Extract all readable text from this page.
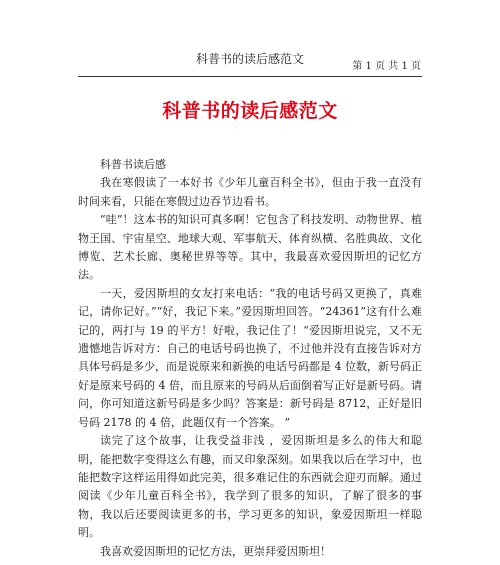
科普书的读后感范文
第 1 页 共 1 页
科普书的读后感范文

科普书读后感

我在寒假读了一本好书《少年儿童百科全书》，但由于我一直没有时间来看，只能在寒假过边吞节边看书。

“哇”！这本书的知识可真多啊！它包含了科技发明、动物世界、植物王国、宇宙星空、地球大观、军事航天、体育纵横、名胜典故、文化博览、艺术长廊、奥秘世界等等。其中，我最喜欢爱因斯坦的记忆方法。

一天，爱因斯坦的女友打来电话：“我的电话号码又更换了，真难记，请你记好。”“好，我记下来。”爱因斯坦回答。“24361”这有什么难记的，两打与 19 的平方！好啦，我记住了！“爱因斯坦说完，又不无遗憾地告诉对方：自己的电话号码也换了，不过他并没有直接告诉对方具体号码是多少，而是说原来和新换的电话号码都是 4 位数，新号码正好是原来号码的 4 倍，而且原来的号码从后面倒着写正好是新号码。请问，你可知道这新号码是多少吗？答案是：新号码是 8712，正好是旧号码 2178 的 4 倍，此题仅有一个答案。 ”

读完了这个故事，让我受益非浅 ，爱因斯坦是多么的伟大和聪明，能把数字变得这么有趣，而又印象深刻。如果我以后在学习中，也能把数字这样运用得如此完美，很多难记住的东西就会迎刃而解。通过阅读《少年儿童百科全书》，我学到了很多的知识，了解了很多的事物，我以后还要阅读更多的书，学习更多的知识，象爱因斯坦一样聪明。

我喜欢爱因斯坦的记忆方法，更崇拜爱因斯坦！
